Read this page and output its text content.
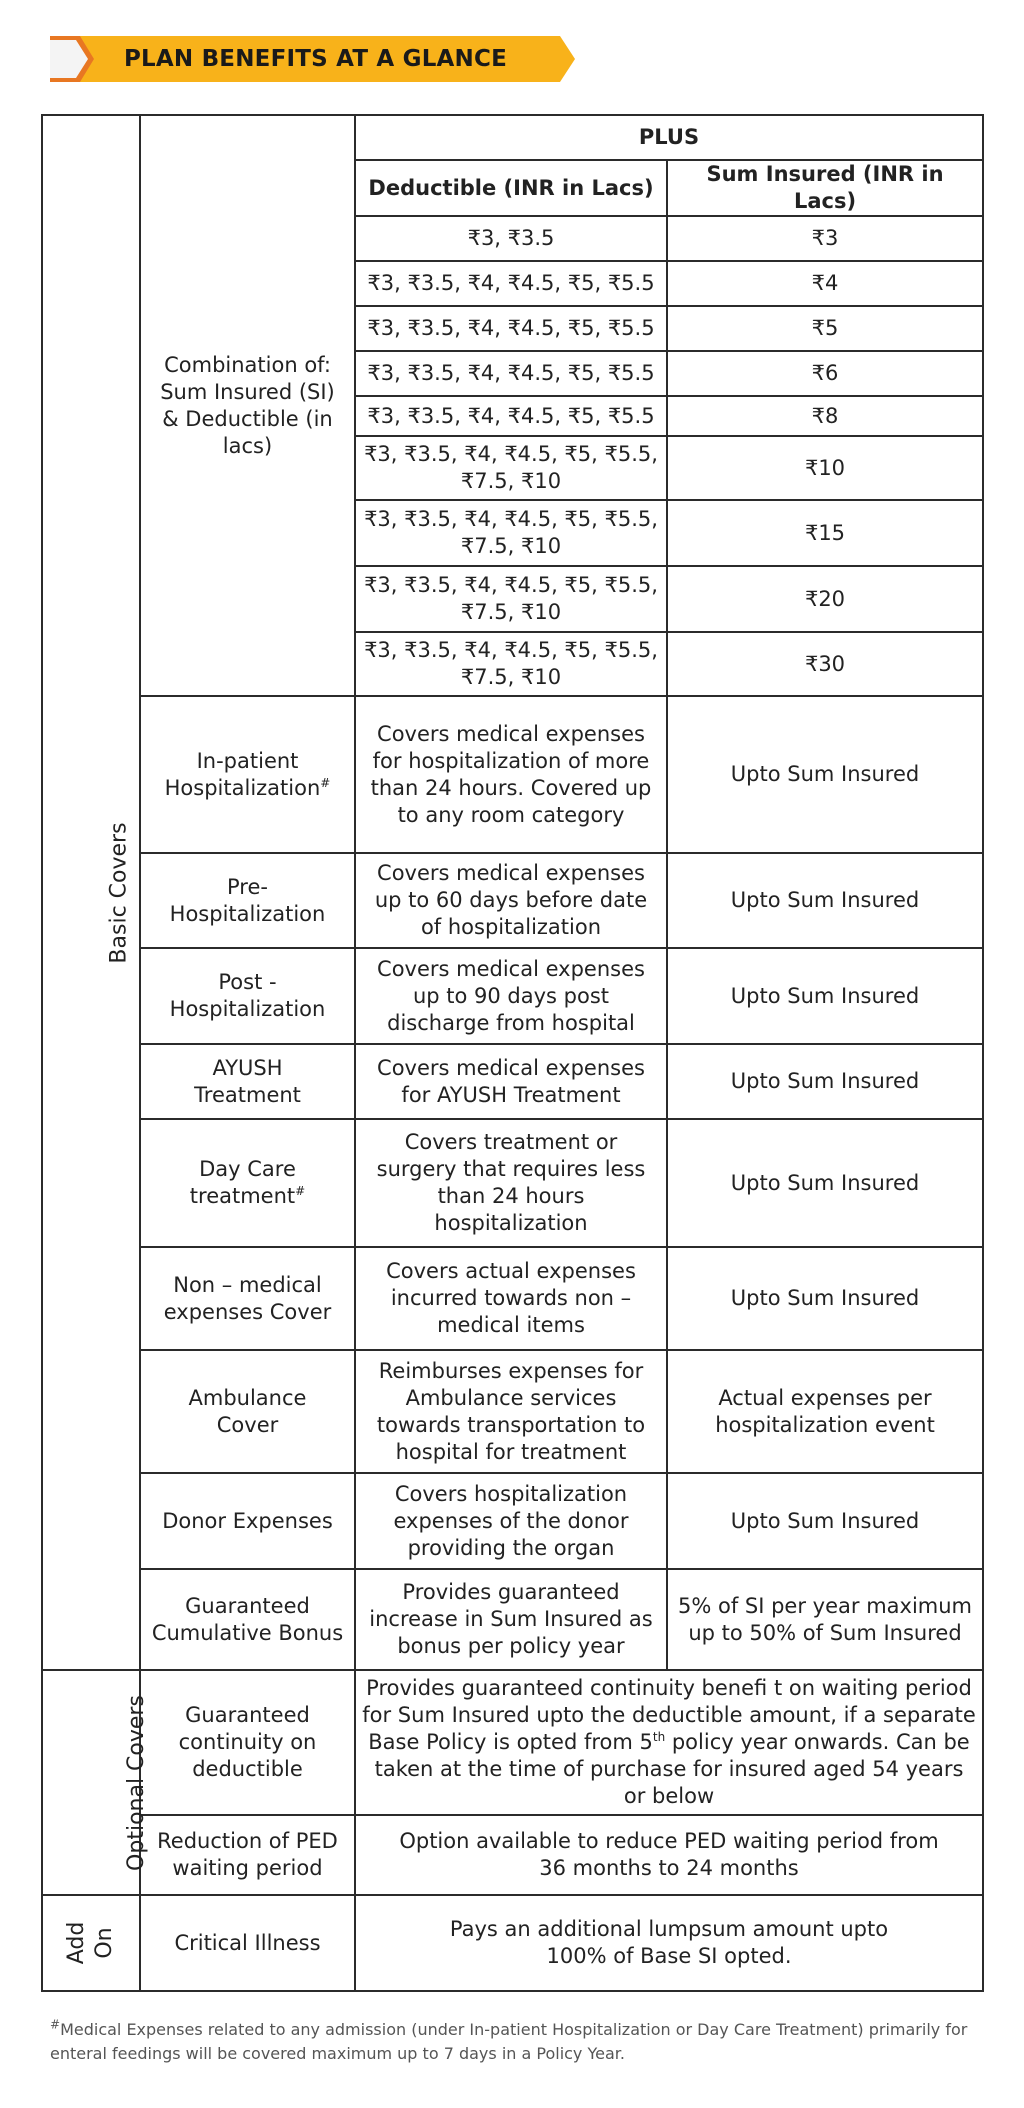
PLAN BENEFITS AT A GLANCE
Basic Covers	Combination of: Sum Insured (SI) & Deductible (in lacs)	PLUS	
		Deductible (INR in Lacs)	Sum Insured (INR in Lacs)
		₹3, ₹3.5	₹3
		₹3, ₹3.5, ₹4, ₹4.5, ₹5, ₹5.5	₹4
		₹3, ₹3.5, ₹4, ₹4.5, ₹5, ₹5.5	₹5
		₹3, ₹3.5, ₹4, ₹4.5, ₹5, ₹5.5	₹6
		₹3, ₹3.5, ₹4, ₹4.5, ₹5, ₹5.5	₹8
		₹3, ₹3.5, ₹4, ₹4.5, ₹5, ₹5.5, ₹7.5, ₹10	₹10
		₹3, ₹3.5, ₹4, ₹4.5, ₹5, ₹5.5, ₹7.5, ₹10	₹15
		₹3, ₹3.5, ₹4, ₹4.5, ₹5, ₹5.5, ₹7.5, ₹10	₹20
		₹3, ₹3.5, ₹4, ₹4.5, ₹5, ₹5.5, ₹7.5, ₹10	₹30
	In-patient Hospitalization#	Covers medical expenses for hospitalization of more than 24 hours. Covered up to any room category	Upto Sum Insured
	Pre-Hospitalization	Covers medical expenses up to 60 days before date of hospitalization	Upto Sum Insured
	Post - Hospitalization	Covers medical expenses up to 90 days post discharge from hospital	Upto Sum Insured
	AYUSH Treatment	Covers medical expenses for AYUSH Treatment	Upto Sum Insured
	Day Care treatment#	Covers treatment or surgery that requires less than 24 hours hospitalization	Upto Sum Insured
	Non – medical expenses Cover	Covers actual expenses incurred towards non – medical items	Upto Sum Insured
	Ambulance Cover	Reimburses expenses for Ambulance services towards transportation to hospital for treatment	Actual expenses per hospitalization event
	Donor Expenses	Covers hospitalization expenses of the donor providing the organ	Upto Sum Insured
	Guaranteed Cumulative Bonus	Provides guaranteed increase in Sum Insured as bonus per policy year	5% of SI per year maximum up to 50% of Sum Insured
Optional Covers	Guaranteed continuity on deductible	Provides guaranteed continuity benefi t on waiting period for Sum Insured upto the deductible amount, if a separate Base Policy is opted from 5th policy year onwards. Can be taken at the time of purchase for insured aged 54 years or below	
	Reduction of PED waiting period	Option available to reduce PED waiting period from 36 months to 24 months	
Add On	Critical Illness	Pays an additional lumpsum amount upto 100% of Base SI opted.	
#Medical Expenses related to any admission (under In-patient Hospitalization or Day Care Treatment) primarily for enteral feedings will be covered maximum up to 7 days in a Policy Year.
